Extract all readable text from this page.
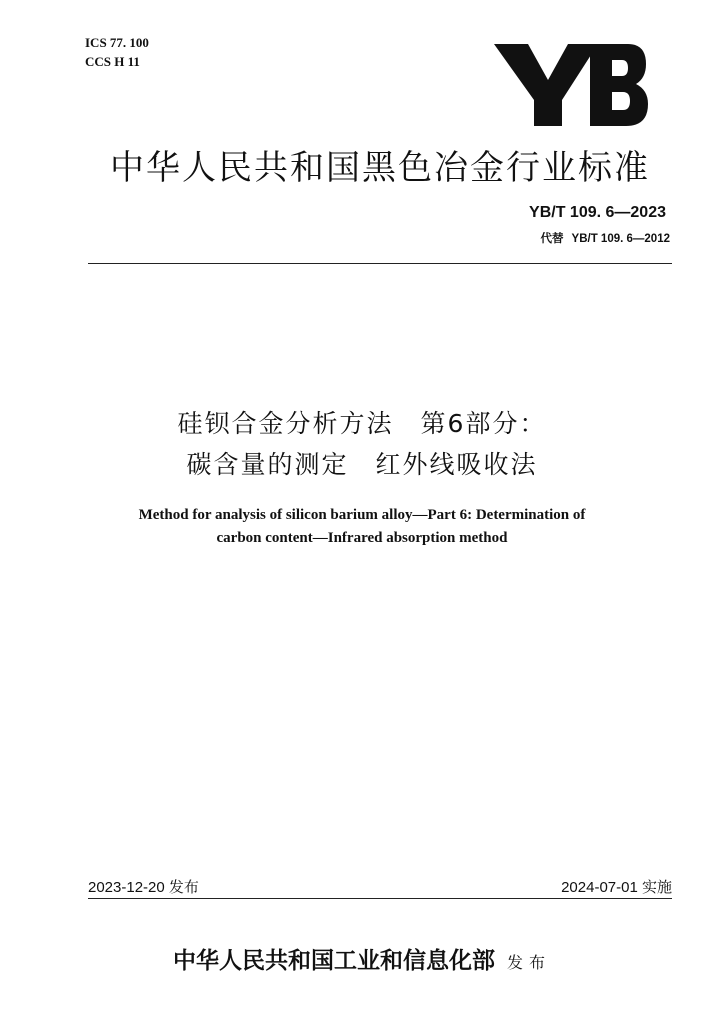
ICS 77. 100
CCS H 11
中华人民共和国黑色冶金行业标准
YB/T 109. 6—2023
代替 YB/T 109. 6—2012
硅钡合金分析方法　第6部分：
碳含量的测定　红外线吸收法
Method for analysis of silicon barium alloy—Part 6: Determination of
carbon content—Infrared absorption method
2023-12-20 发布	2024-07-01 实施
中华人民共和国工业和信息化部 发布
